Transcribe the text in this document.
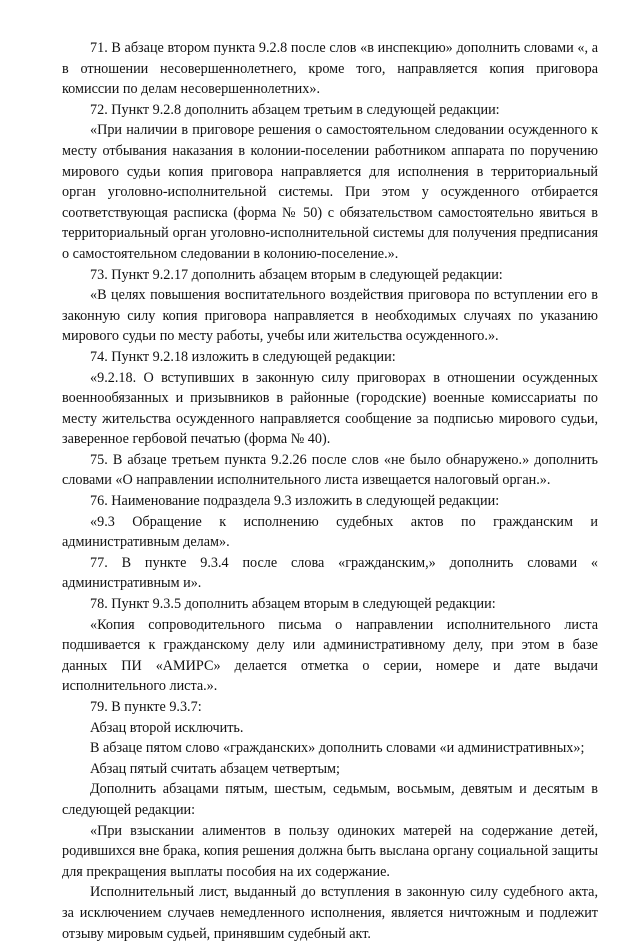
71. В абзаце втором пункта 9.2.8 после слов «в инспекцию» дополнить словами «, а в отношении несовершеннолетнего, кроме того, направляется копия приговора комиссии по делам несовершеннолетних».

72. Пункт 9.2.8 дополнить абзацем третьим в следующей редакции:

«При наличии в приговоре решения о самостоятельном следовании осужденного к месту отбывания наказания в колонии-поселении работником аппарата по поручению мирового судьи копия приговора направляется для исполнения в территориальный орган уголовно-исполнительной системы. При этом у осужденного отбирается соответствующая расписка (форма № 50) с обязательством самостоятельно явиться в территориальный орган уголовно-исполнительной системы для получения предписания о самостоятельном следовании в колонию-поселение.».

73. Пункт 9.2.17 дополнить абзацем вторым в следующей редакции:

«В целях повышения воспитательного воздействия приговора по вступлении его в законную силу копия приговора направляется в необходимых случаях по указанию мирового судьи по месту работы, учебы или жительства осужденного.».

74. Пункт 9.2.18 изложить в следующей редакции:

«9.2.18. О вступивших в законную силу приговорах в отношении осужденных военнообязанных и призывников в районные (городские) военные комиссариаты по месту жительства осужденного направляется сообщение за подписью мирового судьи, заверенное гербовой печатью (форма № 40).

75. В абзаце третьем пункта 9.2.26 после слов «не было обнаружено.» дополнить словами «О направлении исполнительного листа извещается налоговый орган.».

76. Наименование подраздела 9.3 изложить в следующей редакции:

«9.3 Обращение к исполнению судебных актов по гражданским и административным делам».

77. В пункте 9.3.4 после слова «гражданским,» дополнить словами « административным и».

78. Пункт 9.3.5 дополнить абзацем вторым в следующей редакции:

«Копия сопроводительного письма о направлении исполнительного листа подшивается к гражданскому делу или административному делу, при этом в базе данных ПИ «АМИРС» делается отметка о серии, номере и дате выдачи исполнительного листа.».

79. В пункте 9.3.7:

Абзац второй исключить.

В абзаце пятом слово «гражданских» дополнить словами «и административных»;

Абзац пятый считать абзацем четвертым;

Дополнить абзацами пятым, шестым, седьмым, восьмым, девятым и десятым в следующей редакции:

«При взыскании алиментов в пользу одиноких матерей на содержание детей, родившихся вне брака, копия решения должна быть выслана органу социальной защиты для прекращения выплаты пособия на их содержание.

Исполнительный лист, выданный до вступления в законную силу судебного акта, за исключением случаев немедленного исполнения, является ничтожным и подлежит отзыву мировым судьей, принявшим судебный акт.
